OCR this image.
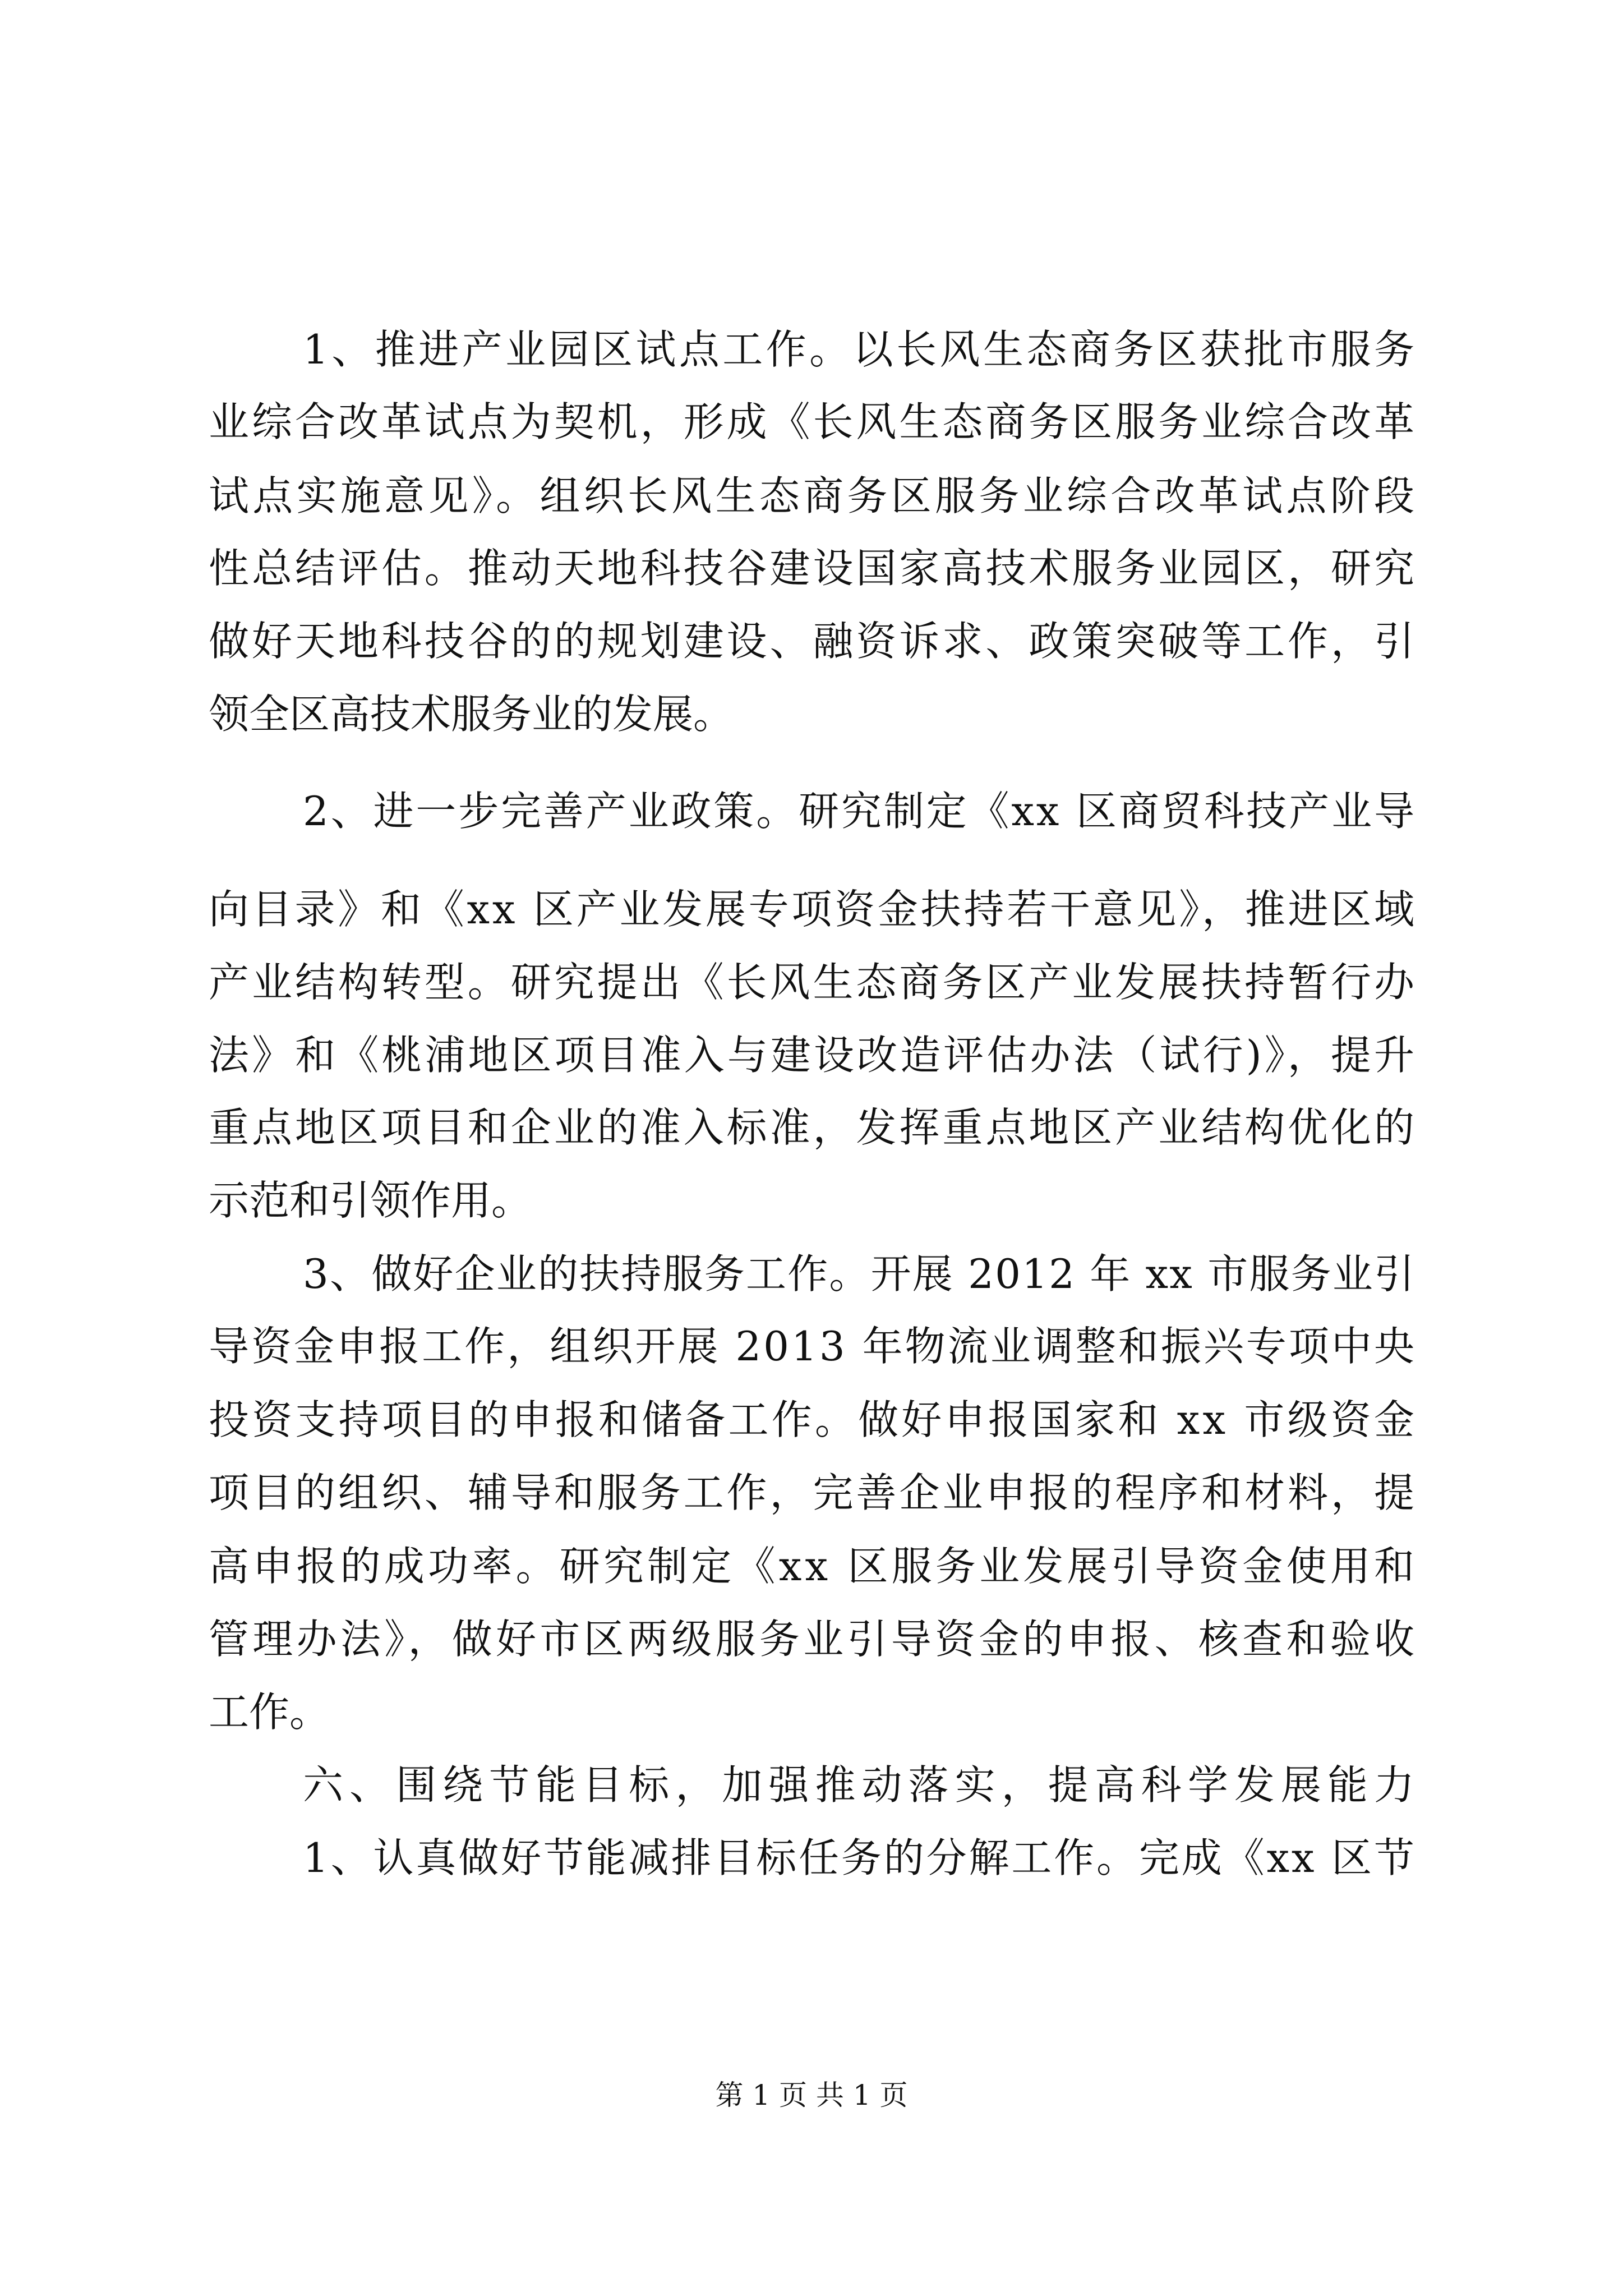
1、推进产业园区试点工作。以长风生态商务区获批市服务
业综合改革试点为契机，形成《长风生态商务区服务业综合改革
试点实施意见》。组织长风生态商务区服务业综合改革试点阶段
性总结评估。推动天地科技谷建设国家高技术服务业园区，研究
做好天地科技谷的的规划建设、融资诉求、政策突破等工作，引
领全区高技术服务业的发展。
2、进一步完善产业政策。研究制定《xx 区商贸科技产业导
向目录》和《xx 区产业发展专项资金扶持若干意见》，推进区域
产业结构转型。研究提出《长风生态商务区产业发展扶持暂行办
法》和《桃浦地区项目准入与建设改造评估办法（试行)》，提升
重点地区项目和企业的准入标准，发挥重点地区产业结构优化的
示范和引领作用。
3、做好企业的扶持服务工作。开展 2012 年 xx 市服务业引
导资金申报工作，组织开展 2013 年物流业调整和振兴专项中央
投资支持项目的申报和储备工作。做好申报国家和 xx 市级资金
项目的组织、辅导和服务工作，完善企业申报的程序和材料，提
高申报的成功率。研究制定《xx 区服务业发展引导资金使用和
管理办法》，做好市区两级服务业引导资金的申报、核查和验收
工作。
六、围绕节能目标，加强推动落实，提高科学发展能力
1、认真做好节能减排目标任务的分解工作。完成《xx 区节
第 1 页 共 1 页
